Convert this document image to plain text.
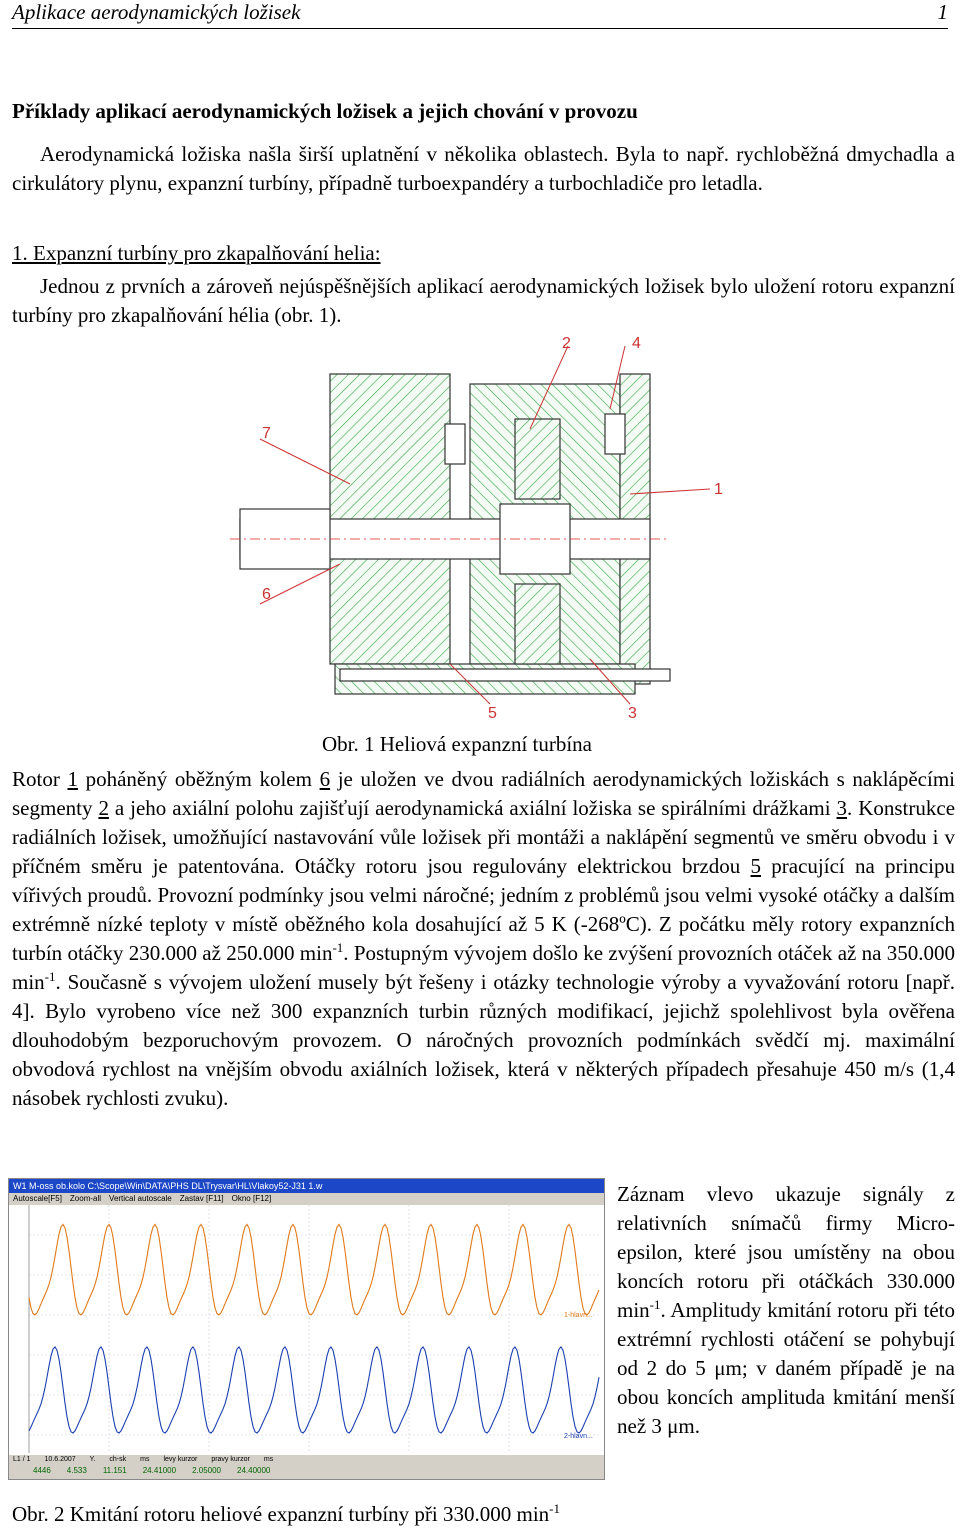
Aplikace aerodynamických ložisek	1
Příklady aplikací aerodynamických ložisek a jejich chování v provozu

Aerodynamická ložiska našla širší uplatnění v několika oblastech. Byla to např. rychloběžná dmychadla a cirkulátory plynu, expanzní turbíny, případně turboexpandéry a turbochladiče pro letadla.

1. Expanzní turbíny pro zkapalňování helia:

Jednou z prvních a zároveň nejúspěšnějších aplikací aerodynamických ložisek bylo uložení rotoru expanzní turbíny pro zkapalňování hélia (obr. 1).

2	4
7
1
6
5	3
Obr. 1 Heliová expanzní turbína

Rotor 1 poháněný oběžným kolem 6 je uložen ve dvou radiálních aerodynamických ložiskách s naklápěcími segmenty 2 a jeho axiální polohu zajišťují aerodynamická axiální ložiska se spirálními drážkami 3. Konstrukce radiálních ložisek, umožňující nastavování vůle ložisek při montáži a naklápění segmentů ve směru obvodu i v příčném směru je patentována. Otáčky rotoru jsou regulovány elektrickou brzdou 5 pracující na principu vířivých proudů. Provozní podmínky jsou velmi náročné; jedním z problémů jsou velmi vysoké otáčky a dalším extrémně nízké teploty v místě oběžného kola dosahující až 5 K (-268ºC). Z počátku měly rotory expanzních turbín otáčky 230.000 až 250.000 $\min^{-1}$. Postupným vývojem došlo ke zvýšení provozních otáček až na 350.000 $\min^{-1}$. Současně s vývojem uložení musely být řešeny i otázky technologie výroby a vyvažování rotoru [např. 4]. Bylo vyrobeno více než 300 expanzních turbin různých modifikací, jejichž spolehlivost byla ověřena dlouhodobým bezporuchovým provozem. O náročných provozních podmínkách svědčí mj. maximální obvodová rychlost na vnějším obvodu axiálních ložisek, která v některých případech přesahuje 450 m/s (1,4 násobek rychlosti zvuku).

W1 M-oss ob.kolo C:\Scope\Win\DATA\PHS DL\Trysvar\HL\Vlakoy52-J31 1.w
Autoscale[F5] Zoom-all Vertical autoscale Zastav [F11] Okno [F12]
1-hlavn...
2-hlavn...
L1 / 1 10.6.2007 Y. ch-sk ms levy kurzor pravy kurzor ms
4446 4.533 11.151 24.41000 2.05000 24.40000

Záznam vlevo ukazuje signály z relativních snímačů firmy Micro-epsilon, které jsou umístěny na obou koncích rotoru při otáčkách 330.000 $\min^{-1}$. Amplitudy kmitání rotoru při této extrémní rychlosti otáčení se pohybují od 2 do 5 μm; v daném případě je na obou koncích amplituda kmitání menší než 3 μm.

Obr. 2 Kmitání rotoru heliové expanzní turbíny při 330.000 $\min^{-1}$
